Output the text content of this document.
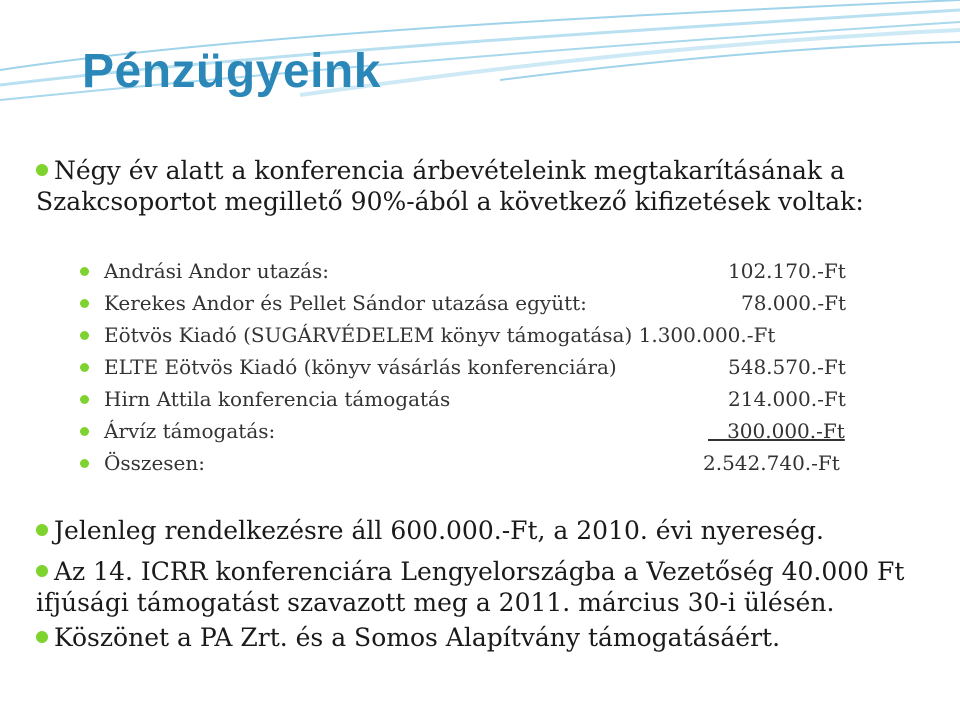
Pénzügyeink
Négy év alatt a konferencia árbevételeink megtakarításának a Szakcsoportot megillető 90%-ából a következő kifizetések voltak:
Andrási Andor utazás:	102.170.-Ft
Kerekes Andor és Pellet Sándor utazása együtt:	78.000.-Ft
Eötvös Kiadó (SUGÁRVÉDELEM könyv támogatása) 1.300.000.-Ft
ELTE Eötvös Kiadó (könyv vásárlás konferenciára)	548.570.-Ft
Hirn Attila konferencia támogatás	214.000.-Ft
Árvíz támogatás:	300.000.-Ft
Összesen:	2.542.740.-Ft
Jelenleg rendelkezésre áll 600.000.-Ft, a 2010. évi nyereség.
Az 14. ICRR konferenciára Lengyelországba a Vezetőség 40.000 Ft ifjúsági támogatást szavazott meg a 2011. március 30-i ülésén.
Köszönet a PA Zrt. és a Somos Alapítvány támogatásáért.
